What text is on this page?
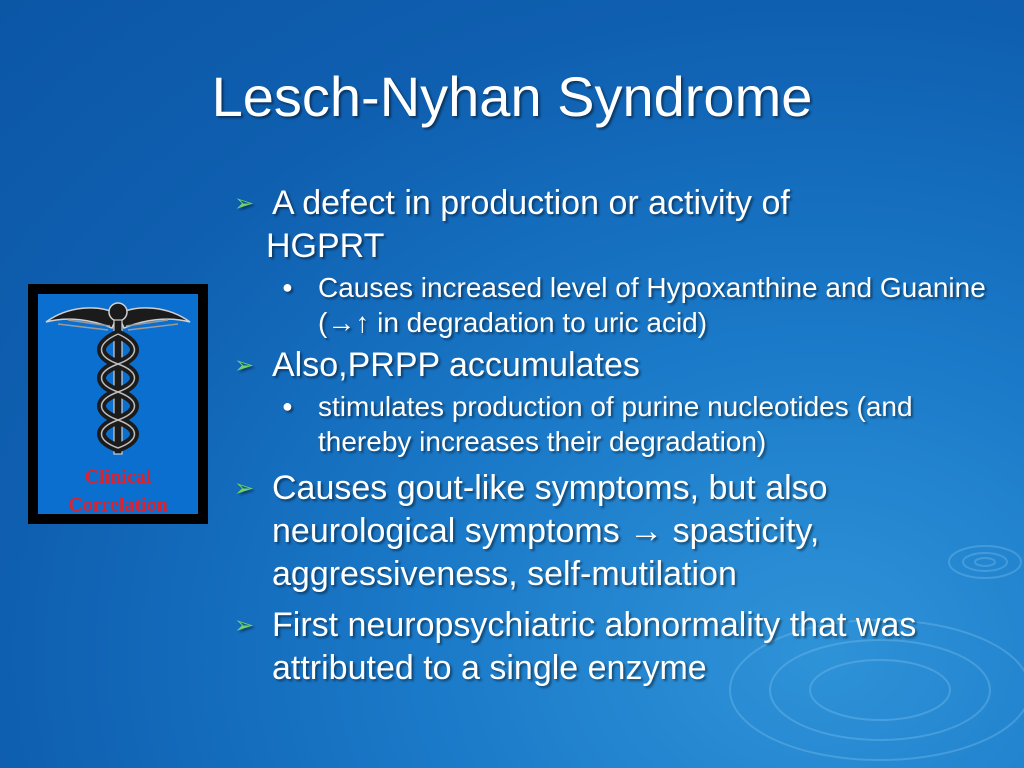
Lesch-Nyhan Syndrome
Clinical
Correlation
➢ A defect in production or activity of
HGPRT
● Causes increased level of Hypoxanthine and Guanine (→↑ in degradation to uric acid)
➢ Also,PRPP accumulates
● stimulates production of purine nucleotides (and thereby increases their degradation)
➢ Causes gout-like symptoms, but also neurological symptoms → spasticity, aggressiveness, self-mutilation
➢ First neuropsychiatric abnormality that was attributed to a single enzyme
